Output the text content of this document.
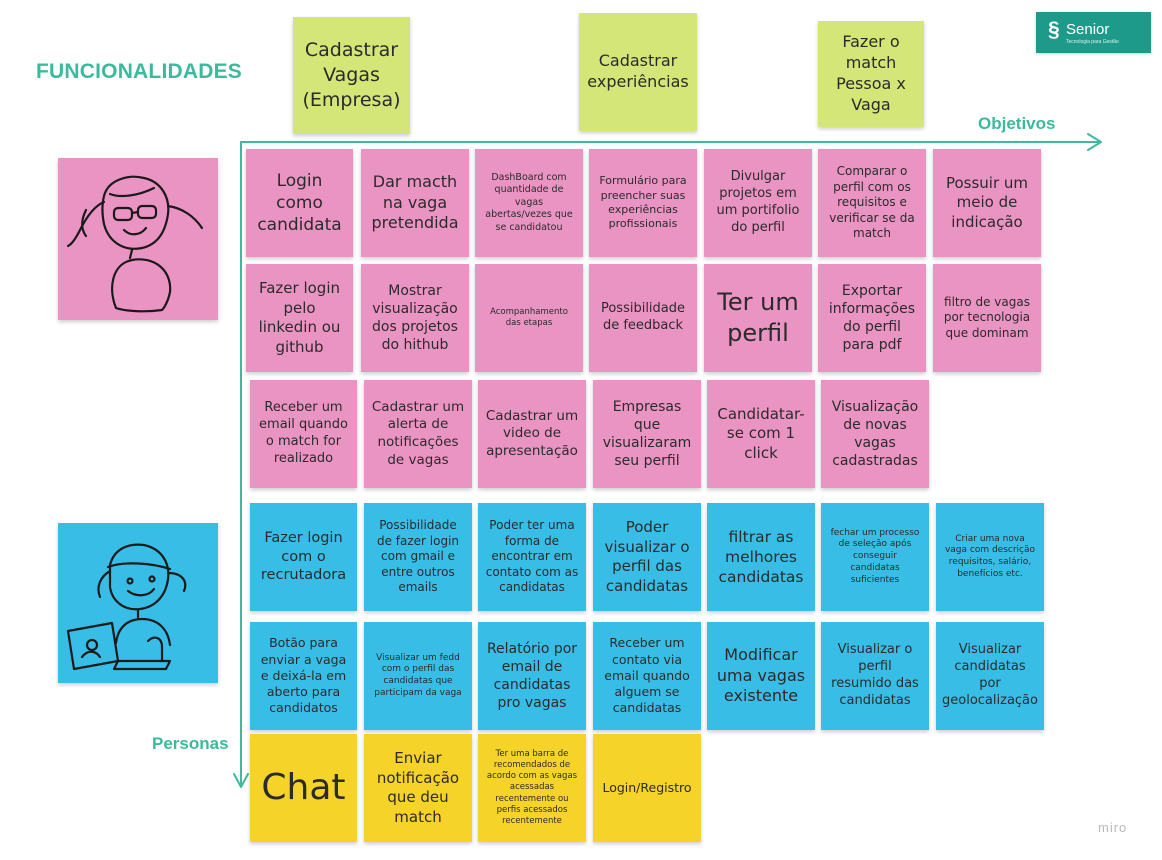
FUNCIONALIDADES
§ Senior
Tecnologia para Gestão
Objetivos
Personas
Cadastrar Vagas (Empresa)
Cadastrar experiências
Fazer o match Pessoa x Vaga
Login como candidata
Dar macth na vaga pretendida
DashBoard com quantidade de vagas abertas/vezes que se candidatou
Formulário para preencher suas experiências profissionais
Divulgar projetos em um portifolio do perfil
Comparar o perfil com os requisitos e verificar se da match
Possuir um meio de indicação
Fazer login pelo linkedin ou github
Mostrar visualização dos projetos do hithub
Acompanhamento das etapas
Possibilidade de feedback
Ter um perfil
Exportar informações do perfil para pdf
filtro de vagas por tecnologia que dominam
Receber um email quando o match for realizado
Cadastrar um alerta de notificações de vagas
Cadastrar um video de apresentação
Empresas que visualizaram seu perfil
Candidatar-se com 1 click
Visualização de novas vagas cadastradas
Fazer login com o recrutadora
Possibilidade de fazer login com gmail e entre outros emails
Poder ter uma forma de encontrar em contato com as candidatas
Poder visualizar o perfil das candidatas
filtrar as melhores candidatas
fechar um processo de seleção após conseguir candidatas suficientes
Criar uma nova vaga com descrição requisitos, salário, benefícios etc.
Botão para enviar a vaga e deixá-la em aberto para candidatos
Visualizar um fedd com o perfil das candidatas que participam da vaga
Relatório por email de candidatas pro vagas
Receber um contato via email quando alguem se candidatas
Modificar uma vagas existente
Visualizar o perfil resumido das candidatas
Visualizar candidatas por geolocalização
Chat
Enviar notificação que deu match
Ter uma barra de recomendados de acordo com as vagas acessadas recentemente ou perfis acessados recentemente
Login/Registro
miro
